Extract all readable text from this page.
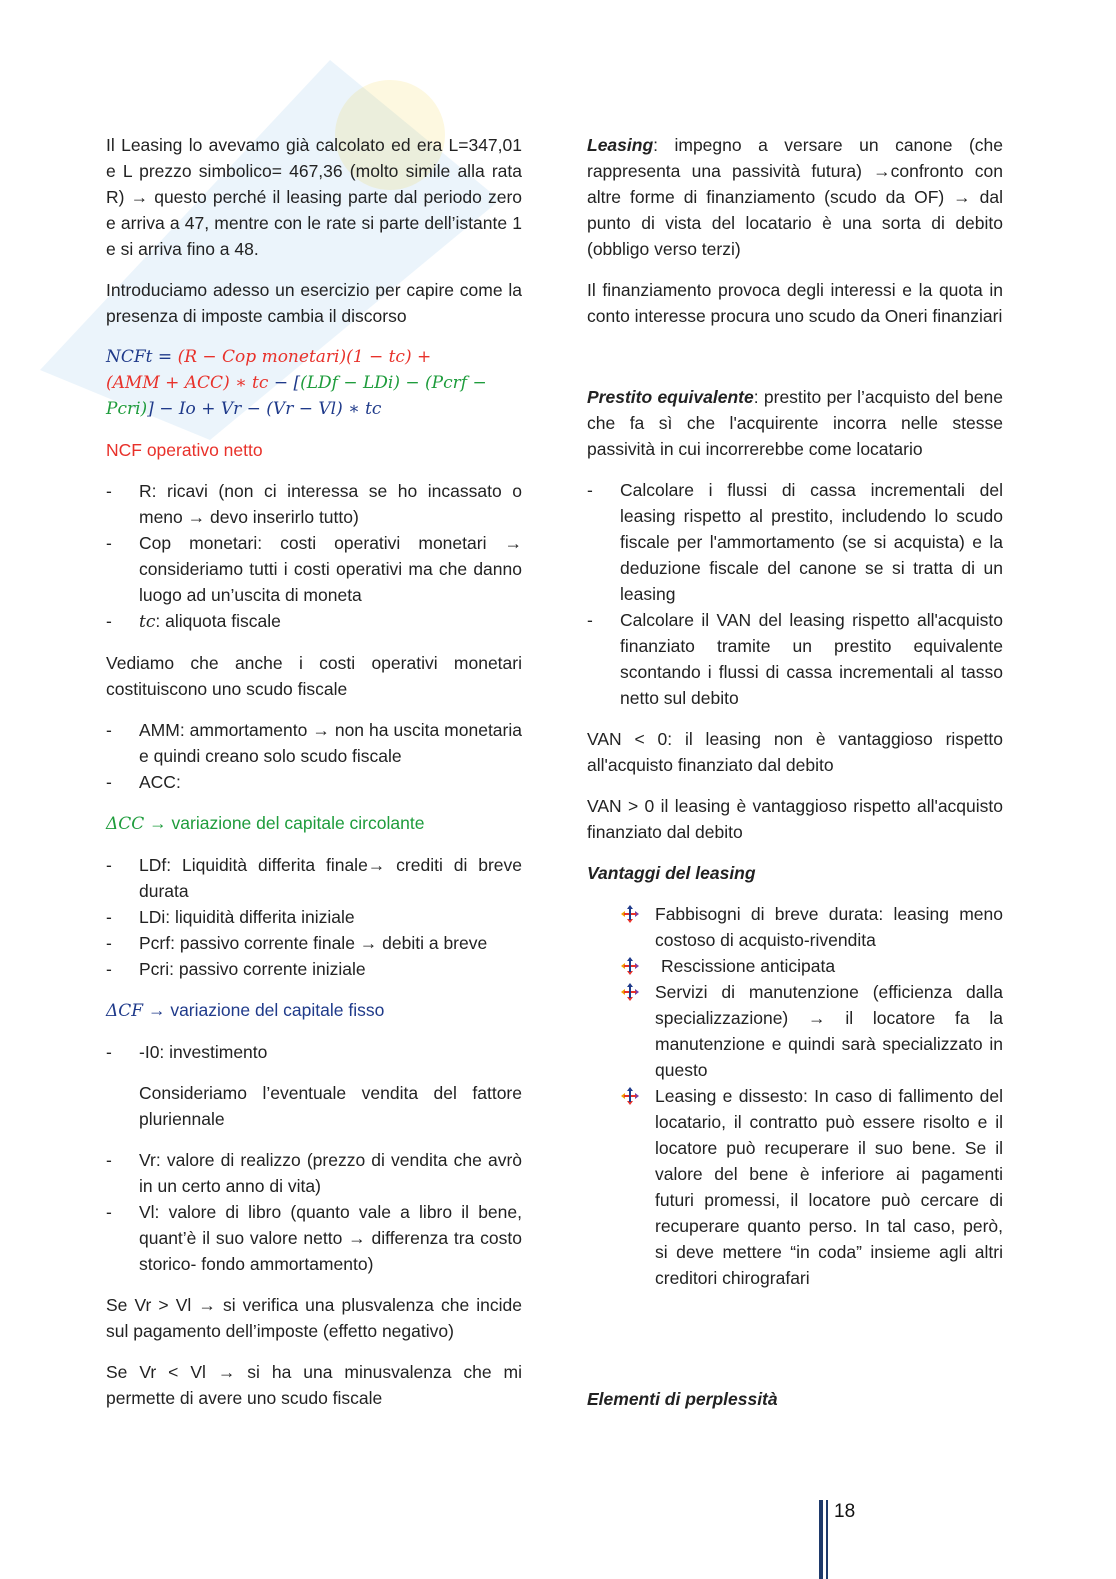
Il Leasing lo avevamo già calcolato ed era L=347,01 e L prezzo simbolico= 467,36 (molto simile alla rata R) → questo perché il leasing parte dal periodo zero e arriva a 47, mentre con le rate si parte dell’istante 1 e si arriva fino a 48.

Introduciamo adesso un esercizio per capire come la presenza di imposte cambia il discorso

NCFt = (R − Cop monetari)(1 − tc) +
(AMM + ACC) ∗ tc − [(LDf − LDi) − (Pcrf −
Pcri)] − Io + Vr − (Vr − Vl) ∗ tc

NCF operativo netto
- R: ricavi (non ci interessa se ho incassato o meno → devo inserirlo tutto)
- Cop monetari: costi operativi monetari → consideriamo tutti i costi operativi ma che danno luogo ad un’uscita di moneta
- tc: aliquota fiscale

Vediamo che anche i costi operativi monetari costituiscono uno scudo fiscale

- AMM: ammortamento → non ha uscita monetaria e quindi creano solo scudo fiscale
- ACC:
ΔCC → variazione del capitale circolante
- LDf: Liquidità differita finale→ crediti di breve durata
- LDi: liquidità differita iniziale
- Pcrf: passivo corrente finale → debiti a breve
- Pcri: passivo corrente iniziale
ΔCF → variazione del capitale fisso
- -I0: investimento

Consideriamo l’eventuale vendita del fattore pluriennale

- Vr: valore di realizzo (prezzo di vendita che avrò in un certo anno di vita)
- Vl: valore di libro (quanto vale a libro il bene, quant’è il suo valore netto → differenza tra costo storico- fondo ammortamento)

Se Vr > Vl → si verifica una plusvalenza che incide sul pagamento dell’imposte (effetto negativo)

Se Vr < Vl → si ha una minusvalenza che mi permette di avere uno scudo fiscale

Leasing: impegno a versare un canone (che rappresenta una passività futura) →confronto con altre forme di finanziamento (scudo da OF) → dal punto di vista del locatario è una sorta di debito (obbligo verso terzi)

Il finanziamento provoca degli interessi e la quota in conto interesse procura uno scudo da Oneri finanziari

Prestito equivalente: prestito per l’acquisto del bene che fa sì che l'acquirente incorra nelle stesse passività in cui incorrerebbe come locatario

- Calcolare i flussi di cassa incrementali del leasing rispetto al prestito, includendo lo scudo fiscale per l'ammortamento (se si acquista) e la deduzione fiscale del canone se si tratta di un leasing
- Calcolare il VAN del leasing rispetto all'acquisto finanziato tramite un prestito equivalente scontando i flussi di cassa incrementali al tasso netto sul debito

VAN < 0: il leasing non è vantaggioso rispetto all'acquisto finanziato dal debito

VAN > 0 il leasing è vantaggioso rispetto all'acquisto finanziato dal debito

Vantaggi del leasing

Fabbisogni di breve durata: leasing meno costoso di acquisto-rivendita
Rescissione anticipata
Servizi di manutenzione (efficienza dalla specializzazione) → il locatore fa la manutenzione e quindi sarà specializzato in questo
Leasing e dissesto: In caso di fallimento del locatario, il contratto può essere risolto e il locatore può recuperare il suo bene. Se il valore del bene è inferiore ai pagamenti futuri promessi, il locatore può cercare di recuperare quanto perso. In tal caso, però, si deve mettere “in coda” insieme agli altri creditori chirografari

Elementi di perplessità

18
